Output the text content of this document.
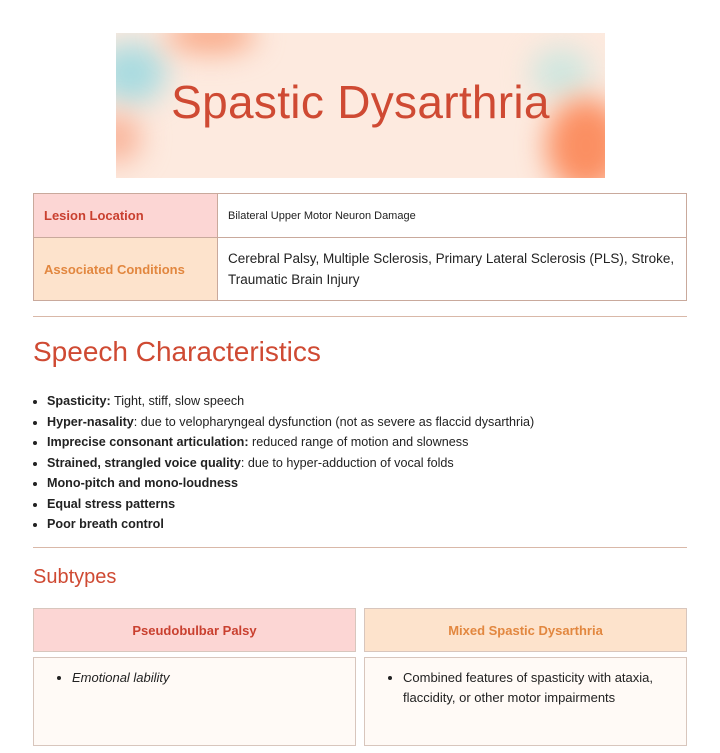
Spastic Dysarthria
Lesion Location	Bilateral Upper Motor Neuron Damage
Associated Conditions	Cerebral Palsy, Multiple Sclerosis, Primary Lateral Sclerosis (PLS), Stroke, Traumatic Brain Injury
Speech Characteristics
• Spasticity: Tight, stiff, slow speech
• Hyper-nasality: due to velopharyngeal dysfunction (not as severe as flaccid dysarthria)
• Imprecise consonant articulation: reduced range of motion and slowness
• Strained, strangled voice quality: due to hyper-adduction of vocal folds
• Mono-pitch and mono-loudness
• Equal stress patterns
• Poor breath control
Subtypes
Pseudobulbar Palsy	Mixed Spastic Dysarthria
• Emotional lability	• Combined features of spasticity with ataxia, flaccidity, or other motor impairments
